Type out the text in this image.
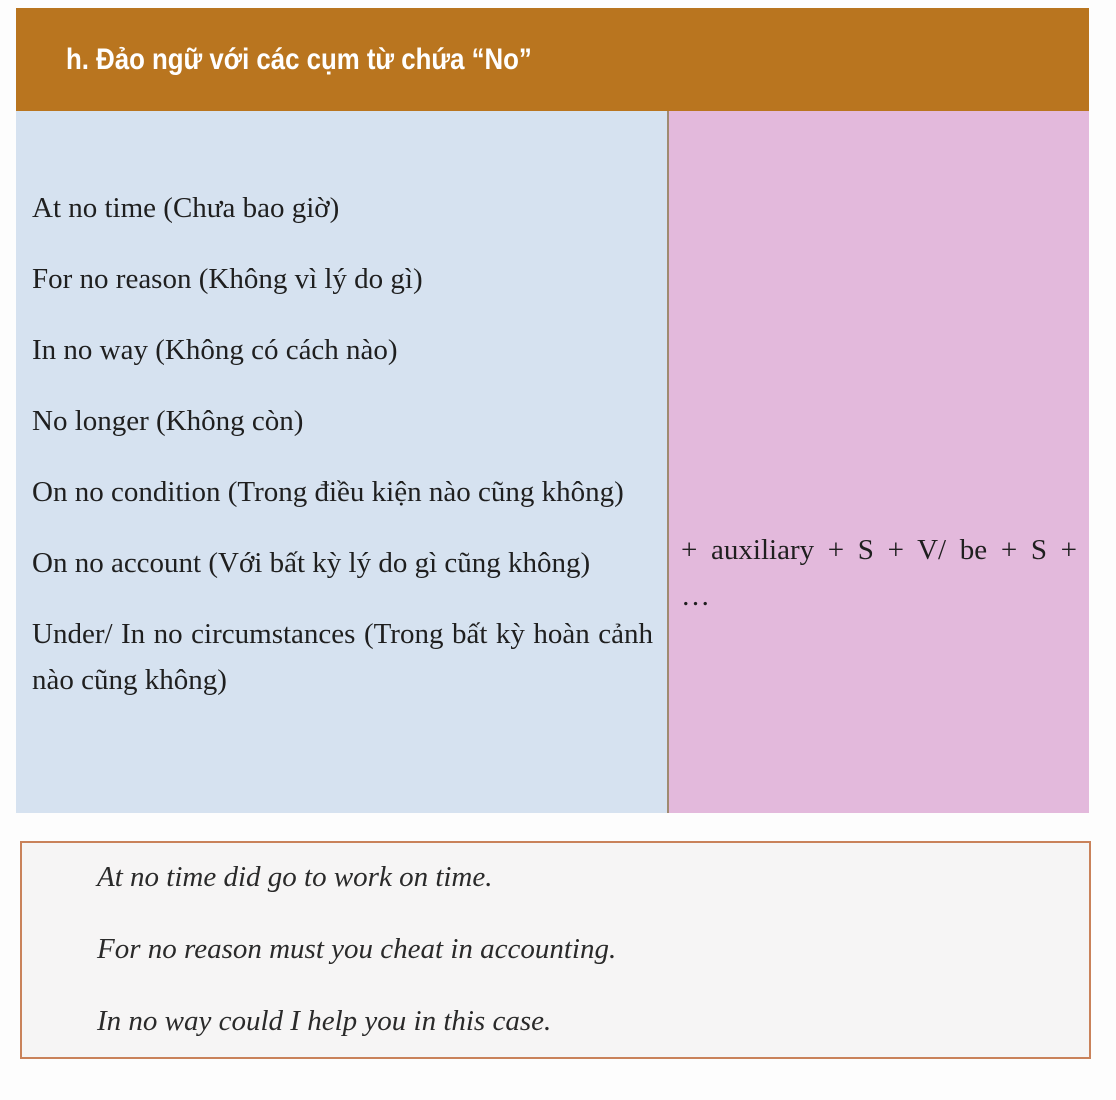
h. Đảo ngữ với các cụm từ chứa “No”
At no time (Chưa bao giờ)
For no reason (Không vì lý do gì)
In no way (Không có cách nào)
No longer (Không còn)
On no condition (Trong điều kiện nào cũng không)
On no account (Với bất kỳ lý do gì cũng không)
Under/ In no circumstances (Trong bất kỳ hoàn cảnh nào cũng không)
+ auxiliary + S + V/ be + S + …
At no time did go to work on time.
For no reason must you cheat in accounting.
In no way could I help you in this case.
